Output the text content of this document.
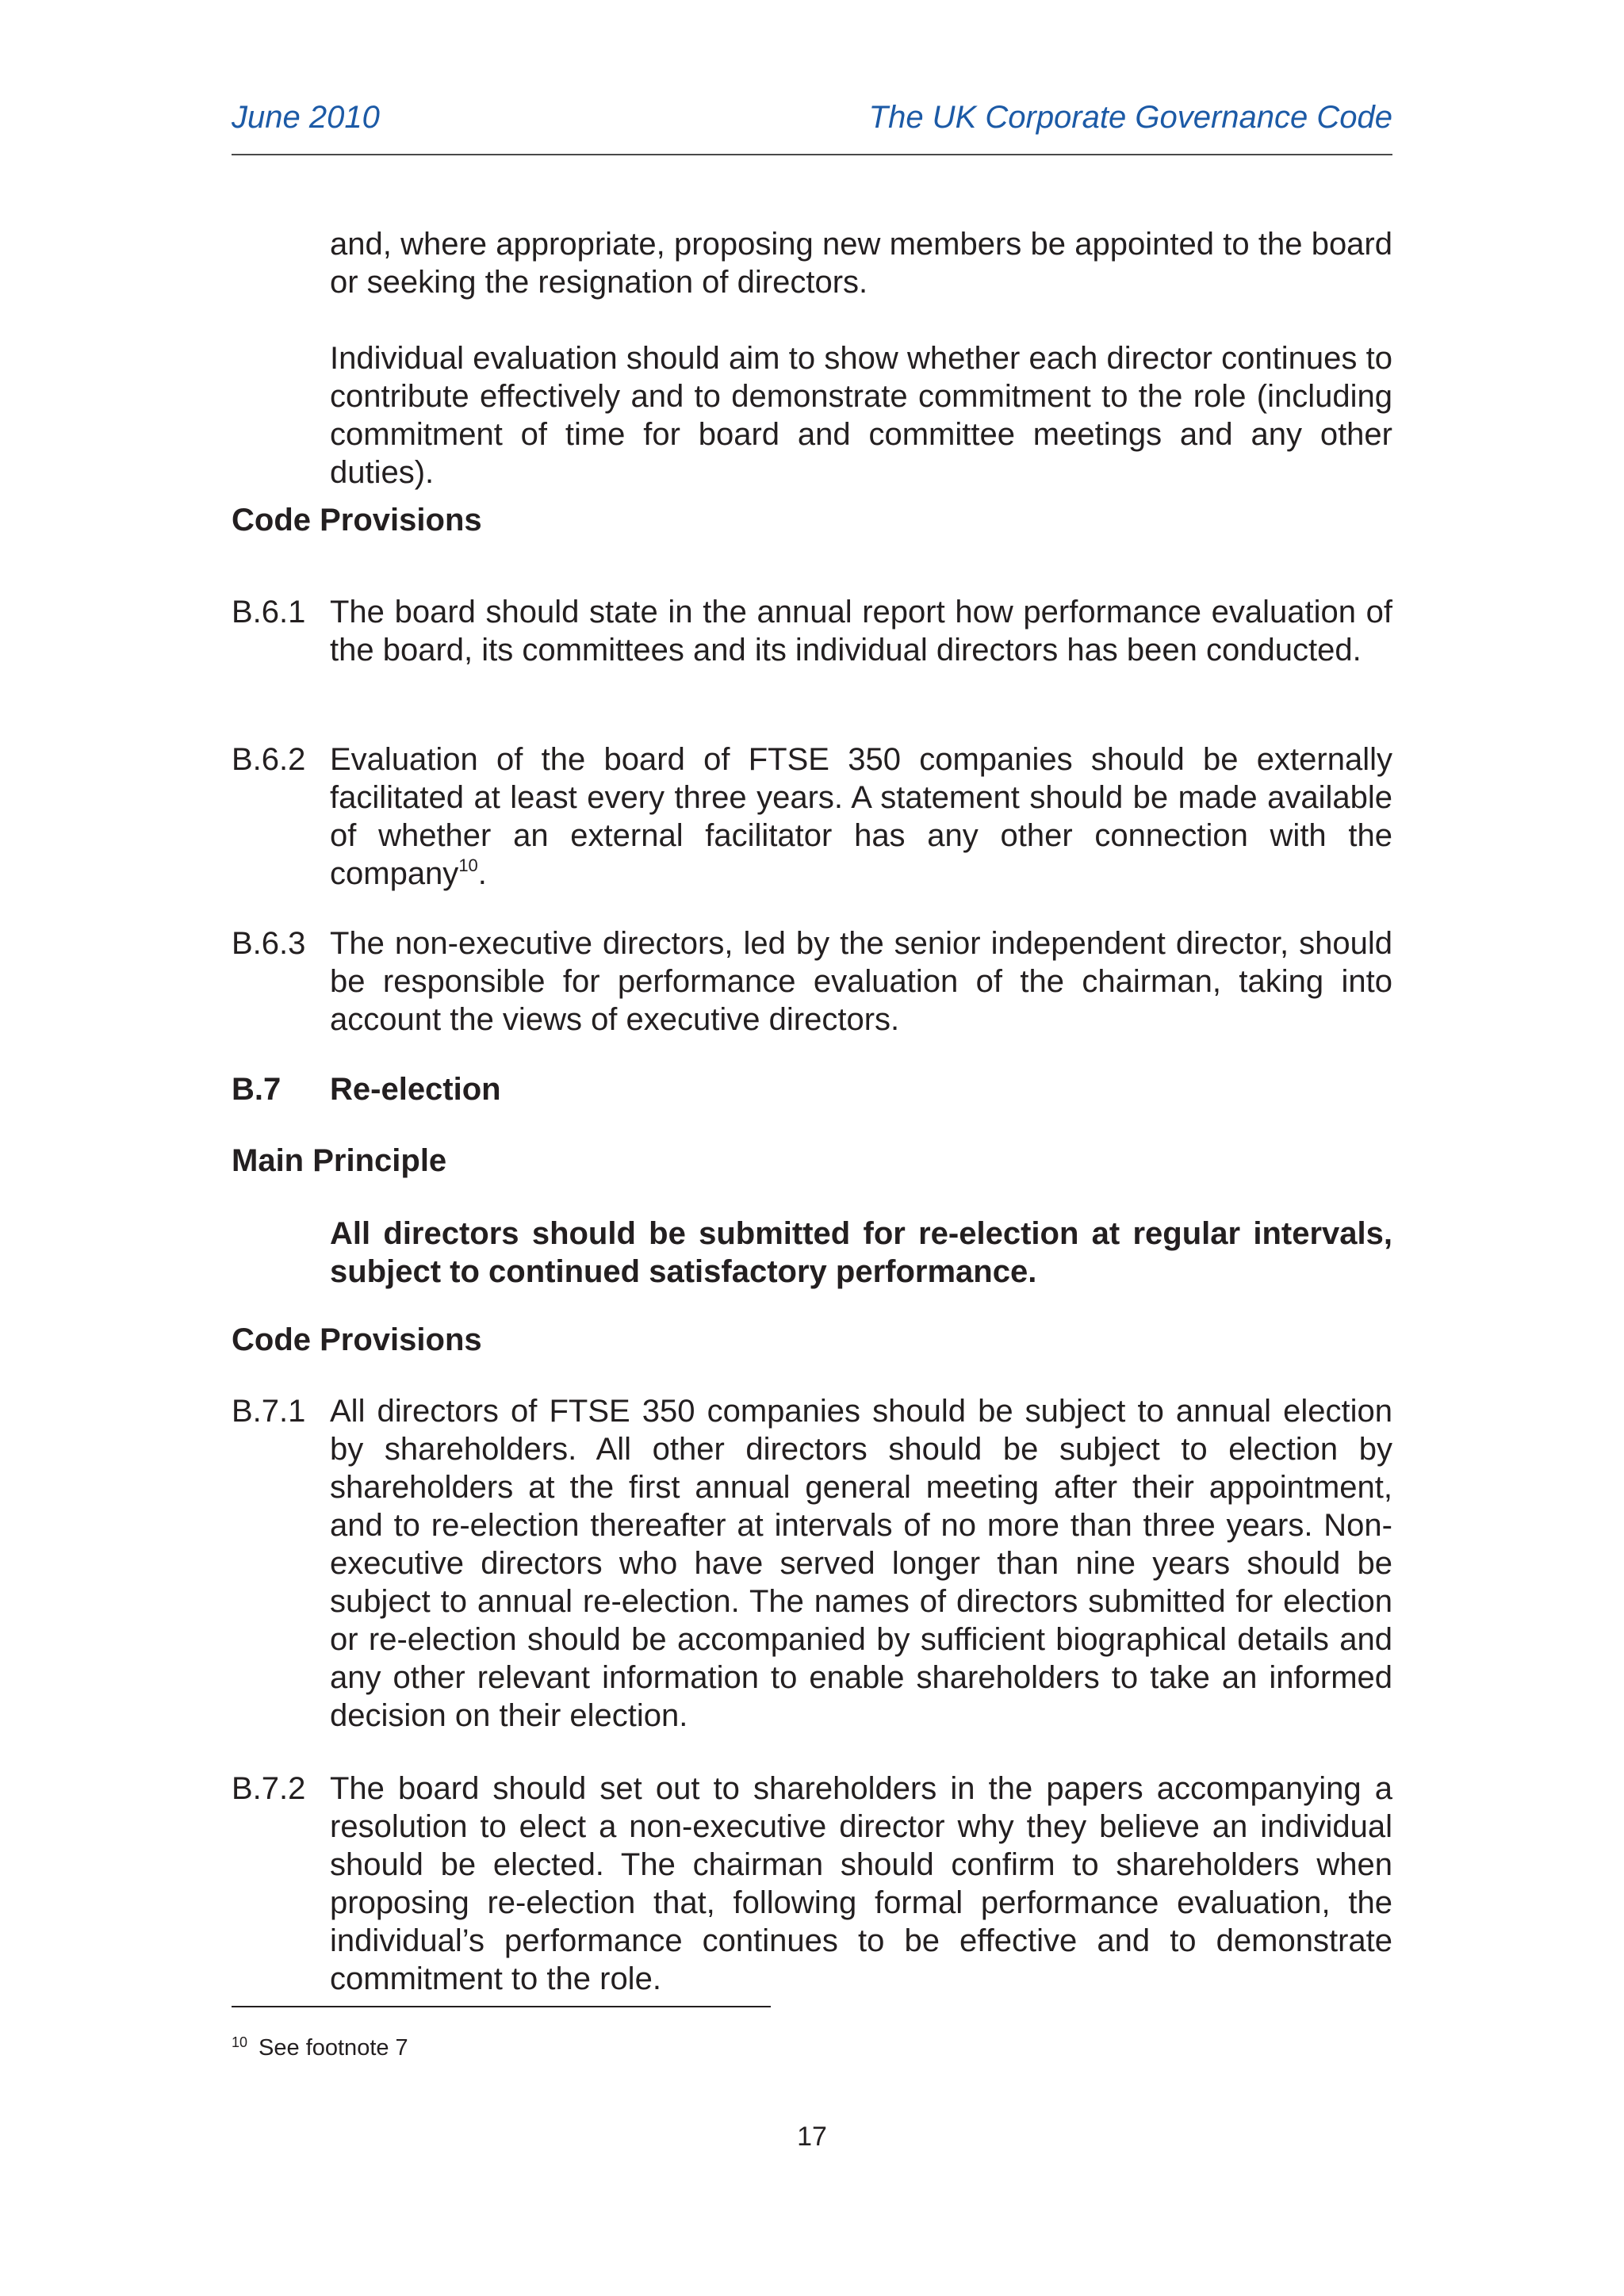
June 2010	The UK Corporate Governance Code
and, where appropriate, proposing new members be appointed to the board or seeking the resignation of directors.
Individual evaluation should aim to show whether each director continues to contribute effectively and to demonstrate commitment to the role (including commitment of time for board and committee meetings and any other duties).
Code Provisions
B.6.1 The board should state in the annual report how performance evaluation of the board, its committees and its individual directors has been conducted.
B.6.2 Evaluation of the board of FTSE 350 companies should be externally facilitated at least every three years. A statement should be made available of whether an external facilitator has any other connection with the company$^{10}$.
B.6.3 The non-executive directors, led by the senior independent director, should be responsible for performance evaluation of the chairman, taking into account the views of executive directors.
B.7 Re-election
Main Principle
All directors should be submitted for re-election at regular intervals, subject to continued satisfactory performance.
Code Provisions
B.7.1 All directors of FTSE 350 companies should be subject to annual election by shareholders. All other directors should be subject to election by shareholders at the first annual general meeting after their appointment, and to re-election thereafter at intervals of no more than three years. Non-executive directors who have served longer than nine years should be subject to annual re-election. The names of directors submitted for election or re-election should be accompanied by sufficient biographical details and any other relevant information to enable shareholders to take an informed decision on their election.
B.7.2 The board should set out to shareholders in the papers accompanying a resolution to elect a non-executive director why they believe an individual should be elected. The chairman should confirm to shareholders when proposing re-election that, following formal performance evaluation, the individual’s performance continues to be effective and to demonstrate commitment to the role.
$^{10}$ See footnote 7
17
